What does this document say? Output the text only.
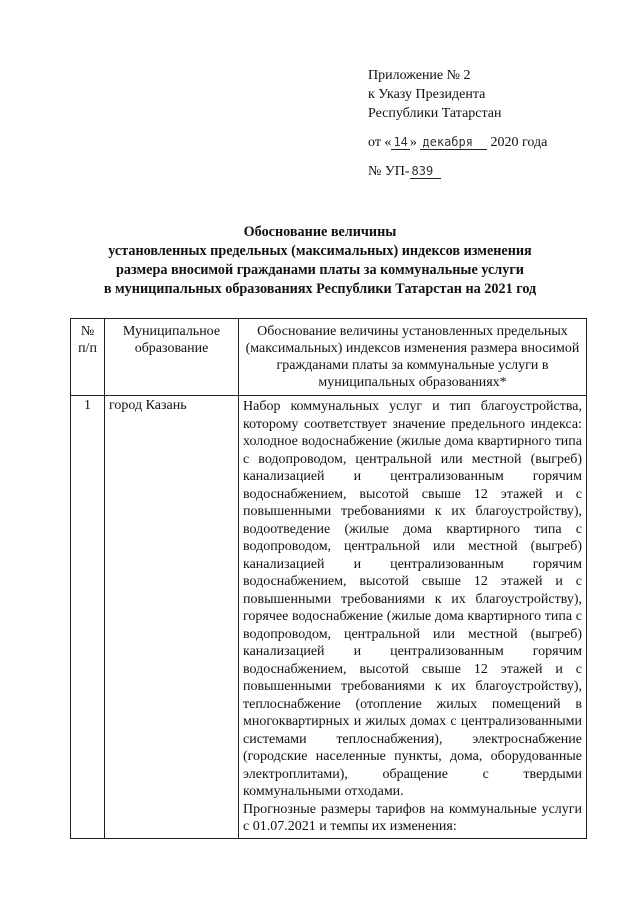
Приложение № 2
к Указу Президента
Республики Татарстан
от « 14 » декабря 2020 года
№ УП- 839
Обоснование величины
установленных предельных (максимальных) индексов изменения
размера вносимой гражданами платы за коммунальные услуги
в муниципальных образованиях Республики Татарстан на 2021 год
№ п/п	Муниципальное образование	Обоснование величины установленных предельных (максимальных) индексов изменения размера вносимой гражданами платы за коммунальные услуги в муниципальных образованиях*
1	город Казань	Набор коммунальных услуг и тип благоустройства, которому соответствует значение предельного индекса: холодное водоснабжение (жилые дома квартирного типа с водопроводом, центральной или местной (выгреб) канализацией и централизованным горячим водоснабжением, высотой свыше 12 этажей и с повышенными требованиями к их благоустройству), водоотведение (жилые дома квартирного типа с водопроводом, центральной или местной (выгреб) канализацией и централизованным горячим водоснабжением, высотой свыше 12 этажей и с повышенными требованиями к их благоустройству), горячее водоснабжение (жилые дома квартирного типа с водопроводом, центральной или местной (выгреб) канализацией и централизованным горячим водоснабжением, высотой свыше 12 этажей и с повышенными требованиями к их благоустройству), теплоснабжение (отопление жилых помещений в многоквартирных и жилых домах с централизованными системами теплоснабжения), электроснабжение (городские населенные пункты, дома, оборудованные электроплитами), обращение с твердыми коммунальными отходами.

Прогнозные размеры тарифов на коммунальные услуги с 01.07.2021 и темпы их изменения:
